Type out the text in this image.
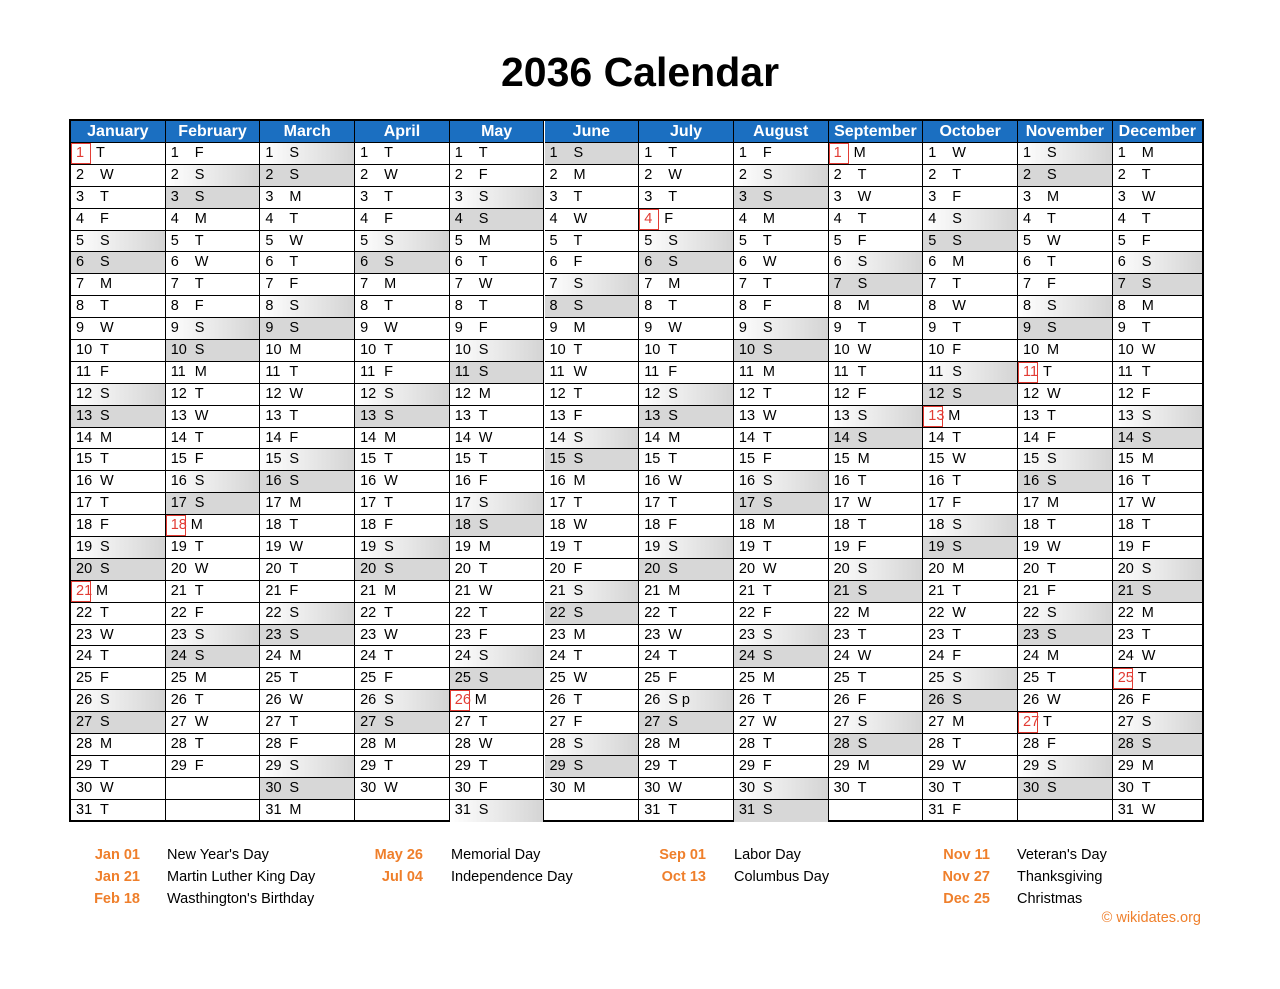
2036 Calendar
January
1 T
2 W
3 T
4 F
5 S
6 S
7 M
8 T
9 W
10 T
11 F
12 S
13 S
14 M
15 T
16 W
17 T
18 F
19 S
20 S
21 M
22 T
23 W
24 T
25 F
26 S
27 S
28 M
29 T
30 W
31 T
February
1 F
2 S
3 S
4 M
5 T
6 W
7 T
8 F
9 S
10 S
11 M
12 T
13 W
14 T
15 F
16 S
17 S
18 M
19 T
20 W
21 T
22 F
23 S
24 S
25 M
26 T
27 W
28 T
29 F
March
1 S
2 S
3 M
4 T
5 W
6 T
7 F
8 S
9 S
10 M
11 T
12 W
13 T
14 F
15 S
16 S
17 M
18 T
19 W
20 T
21 F
22 S
23 S
24 M
25 T
26 W
27 T
28 F
29 S
30 S
31 M
April
1 T
2 W
3 T
4 F
5 S
6 S
7 M
8 T
9 W
10 T
11 F
12 S
13 S
14 M
15 T
16 W
17 T
18 F
19 S
20 S
21 M
22 T
23 W
24 T
25 F
26 S
27 S
28 M
29 T
30 W
May
1 T
2 F
3 S
4 S
5 M
6 T
7 W
8 T
9 F
10 S
11 S
12 M
13 T
14 W
15 T
16 F
17 S
18 S
19 M
20 T
21 W
22 T
23 F
24 S
25 S
26 M
27 T
28 W
29 T
30 F
31 S
June
1 S
2 M
3 T
4 W
5 T
6 F
7 S
8 S
9 M
10 T
11 W
12 T
13 F
14 S
15 S
16 M
17 T
18 W
19 T
20 F
21 S
22 S
23 M
24 T
25 W
26 T
27 F
28 S
29 S
30 M
July
1 T
2 W
3 T
4 F
5 S
6 S
7 M
8 T
9 W
10 T
11 F
12 S
13 S
14 M
15 T
16 W
17 T
18 F
19 S
20 S
21 M
22 T
23 W
24 T
25 F
26 S p
27 S
28 M
29 T
30 W
31 T
August
1 F
2 S
3 S
4 M
5 T
6 W
7 T
8 F
9 S
10 S
11 M
12 T
13 W
14 T
15 F
16 S
17 S
18 M
19 T
20 W
21 T
22 F
23 S
24 S
25 M
26 T
27 W
28 T
29 F
30 S
31 S
September
1 M
2 T
3 W
4 T
5 F
6 S
7 S
8 M
9 T
10 W
11 T
12 F
13 S
14 S
15 M
16 T
17 W
18 T
19 F
20 S
21 S
22 M
23 T
24 W
25 T
26 F
27 S
28 S
29 M
30 T
October
1 W
2 T
3 F
4 S
5 S
6 M
7 T
8 W
9 T
10 F
11 S
12 S
13 M
14 T
15 W
16 T
17 F
18 S
19 S
20 M
21 T
22 W
23 T
24 F
25 S
26 S
27 M
28 T
29 W
30 T
31 F
November
1 S
2 S
3 M
4 T
5 W
6 T
7 F
8 S
9 S
10 M
11 T
12 W
13 T
14 F
15 S
16 S
17 M
18 T
19 W
20 T
21 F
22 S
23 S
24 M
25 T
26 W
27 T
28 F
29 S
30 S
December
1 M
2 T
3 W
4 T
5 F
6 S
7 S
8 M
9 T
10 W
11 T
12 F
13 S
14 S
15 M
16 T
17 W
18 T
19 F
20 S
21 S
22 M
23 T
24 W
25 T
26 F
27 S
28 S
29 M
30 T
31 W
Jan 01 New Year's Day
Jan 21 Martin Luther King Day
Feb 18 Wasthington's Birthday
May 26 Memorial Day
Jul 04 Independence Day
Sep 01 Labor Day
Oct 13 Columbus Day
Nov 11 Veteran's Day
Nov 27 Thanksgiving
Dec 25 Christmas
© wikidates.org
